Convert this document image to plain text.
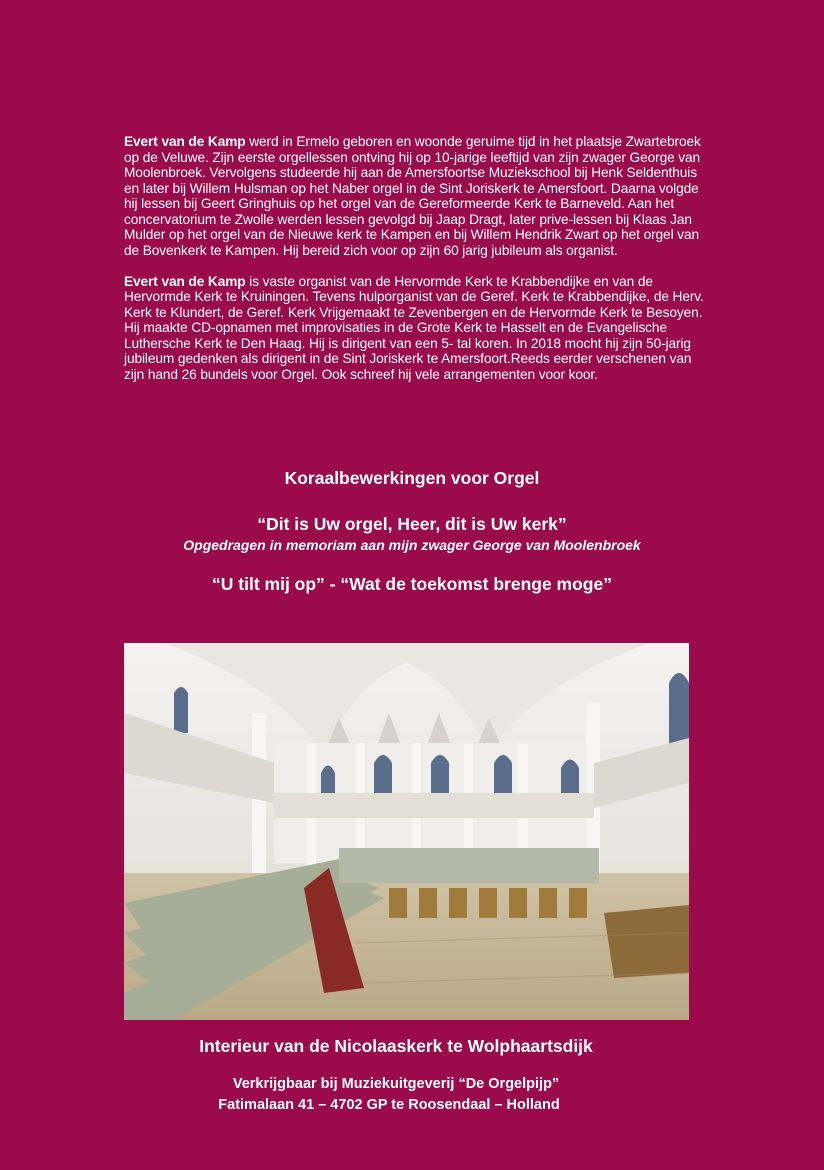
Evert van de Kamp werd in Ermelo geboren en woonde geruime tijd in het plaatsje Zwartebroek op de Veluwe. Zijn eerste orgellessen ontving hij op 10-jarige leeftijd van zijn zwager George van Moolenbroek. Vervolgens studeerde hij aan de Amersfoortse Muziekschool bij Henk Seldenthuis en later bij Willem Hulsman op het Naber orgel in de Sint Joriskerk te Amersfoort. Daarna volgde hij lessen bij Geert Gringhuis op het orgel van de Gereformeerde Kerk te Barneveld. Aan het concervatorium te Zwolle werden lessen gevolgd bij Jaap Dragt, later prive-lessen bij Klaas Jan Mulder op het orgel van de Nieuwe kerk te Kampen en bij Willem Hendrik Zwart op het orgel van de Bovenkerk te Kampen. Hij bereid zich voor op zijn 60 jarig jubileum als organist.

Evert van de Kamp is vaste organist van de Hervormde Kerk te Krabbendijke en van de Hervormde Kerk te Kruiningen. Tevens hulporganist van de Geref. Kerk te Krabbendijke, de Herv. Kerk te Klundert, de Geref. Kerk Vrijgemaakt te Zevenbergen en de Hervormde Kerk te Besoyen. Hij maakte CD-opnamen met improvisaties in de Grote Kerk te Hasselt en de Evangelische Luthersche Kerk te Den Haag. Hij is dirigent van een 5- tal koren. In 2018 mocht hij zijn 50-jarig jubileum gedenken als dirigent in de Sint Joriskerk te Amersfoort.Reeds eerder verschenen van zijn hand 26 bundels voor Orgel. Ook schreef hij vele arrangementen voor koor.

Koraalbewerkingen voor Orgel
“Dit is Uw orgel, Heer, dit is Uw kerk”
Opgedragen in memoriam aan mijn zwager George van Moolenbroek
“U tilt mij op” - “Wat de toekomst brenge moge”
Interieur van de Nicolaaskerk te Wolphaartsdijk
Verkrijgbaar bij Muziekuitgeverij “De Orgelpijp”
Fatimalaan 41 – 4702 GP te Roosendaal – Holland
